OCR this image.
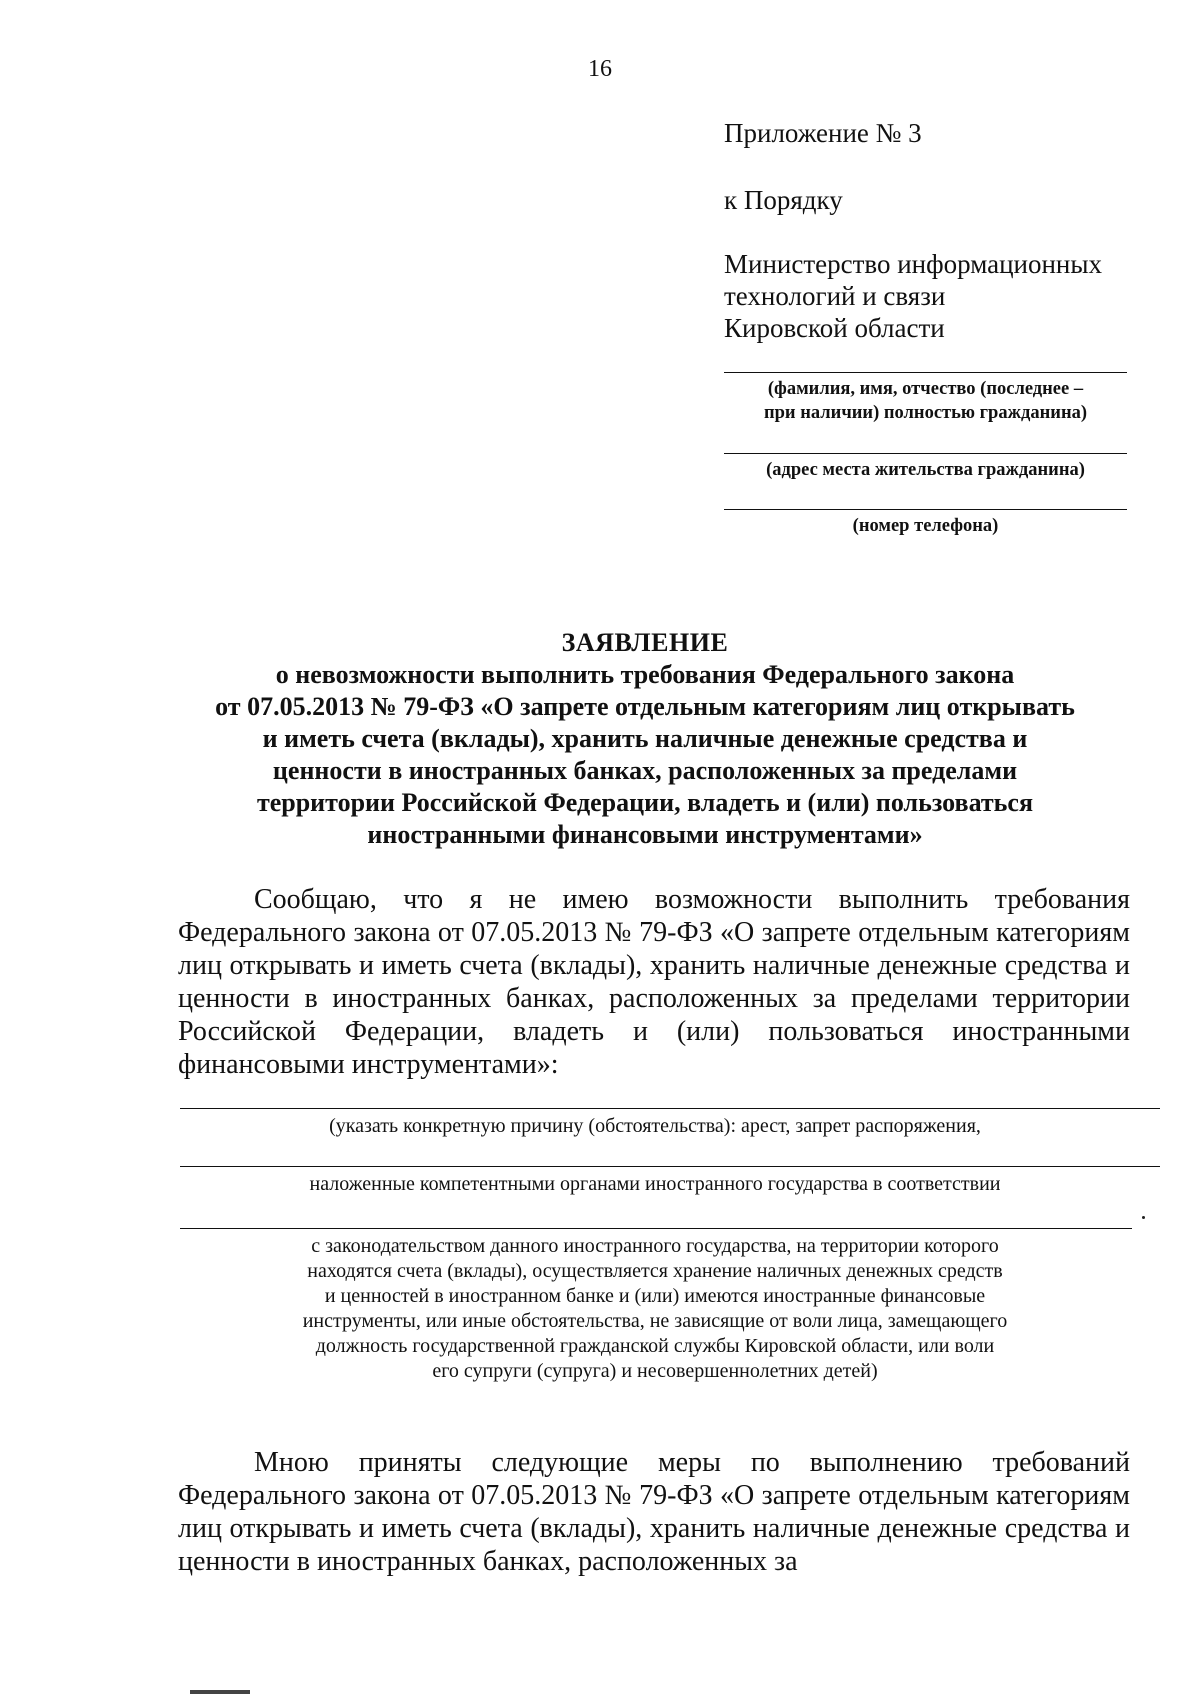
16
Приложение № 3
к Порядку
Министерство информационных
технологий и связи
Кировской области
(фамилия, имя, отчество (последнее –
при наличии) полностью гражданина)
(адрес места жительства гражданина)
(номер телефона)
ЗАЯВЛЕНИЕ
о невозможности выполнить требования Федерального закона
от 07.05.2013 № 79-ФЗ «О запрете отдельным категориям лиц открывать
и иметь счета (вклады), хранить наличные денежные средства и
ценности в иностранных банках, расположенных за пределами
территории Российской Федерации, владеть и (или) пользоваться
иностранными финансовыми инструментами»
Сообщаю, что я не имею возможности выполнить требования Федерального закона от 07.05.2013 № 79-ФЗ «О запрете отдельным категориям лиц открывать и иметь счета (вклады), хранить наличные денежные средства и ценности в иностранных банках, расположенных за пределами территории Российской Федерации, владеть и (или) пользоваться иностранными финансовыми инструментами»:
(указать конкретную причину (обстоятельства): арест, запрет распоряжения,
наложенные компетентными органами иностранного государства в соответствии
с законодательством данного иностранного государства, на территории которого
находятся счета (вклады), осуществляется хранение наличных денежных средств
и ценностей в иностранном банке и (или) имеются иностранные финансовые
инструменты, или иные обстоятельства, не зависящие от воли лица, замещающего
должность государственной гражданской службы Кировской области, или воли
его супруги (супруга) и несовершеннолетних детей)
Мною приняты следующие меры по выполнению требований Федерального закона от 07.05.2013 № 79-ФЗ «О запрете отдельным категориям лиц открывать и иметь счета (вклады), хранить наличные денежные средства и ценности в иностранных банках, расположенных за
